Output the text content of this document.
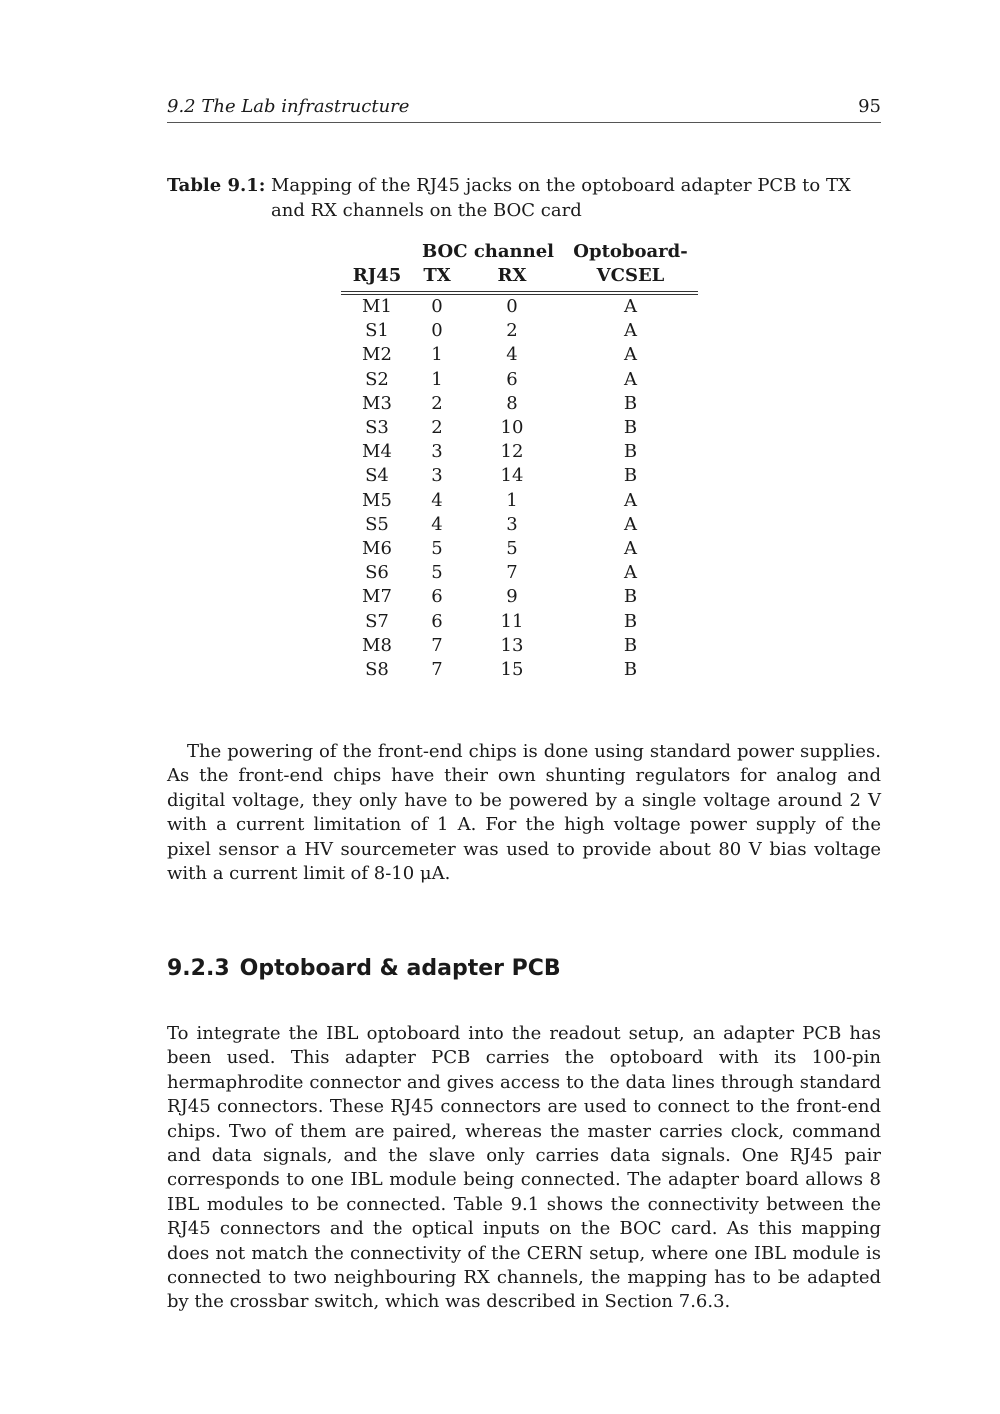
9.2 The Lab infrastructure	95
Table 9.1: Mapping of the RJ45 jacks on the optoboard adapter PCB to TX and RX channels on the BOC card
	BOC channel		Optoboard-
RJ45	TX	RX	VCSEL
M1	0	0	A
S1	0	2	A
M2	1	4	A
S2	1	6	A
M3	2	8	B
S3	2	10	B
M4	3	12	B
S4	3	14	B
M5	4	1	A
S5	4	3	A
M6	5	5	A
S6	5	7	A
M7	6	9	B
S7	6	11	B
M8	7	13	B
S8	7	15	B

The powering of the front-end chips is done using standard power supplies. As the front-end chips have their own shunting regulators for analog and digital voltage, they only have to be powered by a single voltage around 2 V with a current limitation of 1 A. For the high voltage power supply of the pixel sensor a HV sourcemeter was used to provide about 80 V bias voltage with a current limit of 8-10 μA.

9.2.3 Optoboard & adapter PCB

To integrate the IBL optoboard into the readout setup, an adapter PCB has been used. This adapter PCB carries the optoboard with its 100-pin hermaphrodite connector and gives access to the data lines through standard RJ45 connectors. These RJ45 connectors are used to connect to the front-end chips. Two of them are paired, whereas the master carries clock, command and data signals, and the slave only carries data signals. One RJ45 pair corresponds to one IBL module being connected. The adapter board allows 8 IBL modules to be connected. Table 9.1 shows the connectivity between the RJ45 connectors and the optical inputs on the BOC card. As this mapping does not match the connectivity of the CERN setup, where one IBL module is connected to two neighbouring RX channels, the mapping has to be adapted by the crossbar switch, which was described in Section 7.6.3.
